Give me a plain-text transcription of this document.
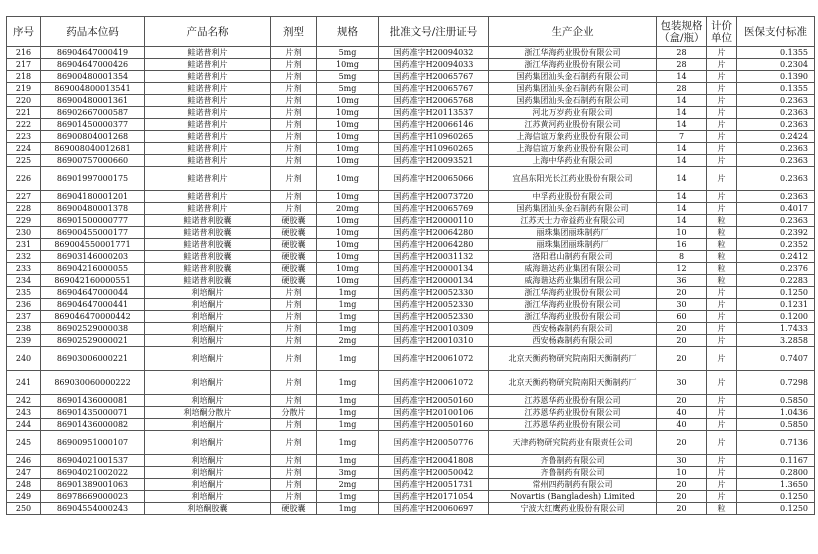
序号	药品本位码	产品名称	剂型	规格	批准文号/注册证号	生产企业	包装规格（盒/瓶）	计价单位	医保支付标准
216	86904647000419	鲑诺普利片	片剂	5mg	国药准字H20094032	浙江华海药业股份有限公司	28	片	0.1355
217	86904647000426	鲑诺普利片	片剂	10mg	国药准字H20094033	浙江华海药业股份有限公司	28	片	0.2304
218	86900480001354	鲑诺普利片	片剂	5mg	国药准字H20065767	国药集团汕头金石制药有限公司	14	片	0.1390
219	869004800013541	鲑诺普利片	片剂	5mg	国药准字H20065767	国药集团汕头金石制药有限公司	28	片	0.1355
220	86900480001361	鲑诺普利片	片剂	10mg	国药准字H20065768	国药集团汕头金石制药有限公司	14	片	0.2363
221	86902667000587	鲑诺普利片	片剂	10mg	国药准字H20113537	河北万岁药业有限公司	14	片	0.2363
222	86901450000377	鲑诺普利片	片剂	10mg	国药准字H20066146	江苏黄河药业股份有限公司	14	片	0.2363
223	86900804001268	鲑诺普利片	片剂	10mg	国药准字H10960265	上海信谊万象药业股份有限公司	7	片	0.2424
224	869008040012681	鲑诺普利片	片剂	10mg	国药准字H10960265	上海信谊万象药业股份有限公司	14	片	0.2363
225	86900757000660	鲑诺普利片	片剂	10mg	国药准字H20093521	上海中华药业有限公司	14	片	0.2363
226	86901997000175	鲑诺普利片	片剂	10mg	国药准字H20065066	宜昌东阳光长江药业股份有限公司	14	片	0.2363
227	86904180001201	鲑诺普利片	片剂	10mg	国药准字H20073720	中孚药业股份有限公司	14	片	0.2363
228	86900480001378	鲑诺普利片	片剂	20mg	国药准字H20065769	国药集团汕头金石制药有限公司	14	片	0.4017
229	86901500000777	鲑诺普利胶囊	硬胶囊	10mg	国药准字H20000110	江苏天士力帝益药业有限公司	14	粒	0.2363
230	86900455000177	鲑诺普利胶囊	硬胶囊	10mg	国药准字H20064280	丽珠集团丽珠制药厂	10	粒	0.2392
231	869004550001771	鲑诺普利胶囊	硬胶囊	10mg	国药准字H20064280	丽珠集团丽珠制药厂	16	粒	0.2352
232	86903146000203	鲑诺普利胶囊	硬胶囊	10mg	国药准字H20031132	洛阳君山制药有限公司	8	粒	0.2412
233	86904216000055	鲑诺普利胶囊	硬胶囊	10mg	国药准字H20000134	威海谐达药业集团有限公司	12	粒	0.2376
234	869042160000551	鲑诺普利胶囊	硬胶囊	10mg	国药准字H20000134	威海谐达药业集团有限公司	36	粒	0.2283
235	86904647000044	利培酮片	片剂	1mg	国药准字H20052330	浙江华海药业股份有限公司	20	片	0.1250
236	86904647000441	利培酮片	片剂	1mg	国药准字H20052330	浙江华海药业股份有限公司	30	片	0.1231
237	869046470000442	利培酮片	片剂	1mg	国药准字H20052330	浙江华海药业股份有限公司	60	片	0.1200
238	86902529000038	利培酮片	片剂	1mg	国药准字H20010309	西安杨森制药有限公司	20	片	1.7433
239	86902529000021	利培酮片	片剂	2mg	国药准字H20010310	西安杨森制药有限公司	20	片	3.2858
240	86903006000221	利培酮片	片剂	1mg	国药准字H20061072	北京天衡药物研究院南阳天衡制药厂	20	片	0.7407
241	869030060000222	利培酮片	片剂	1mg	国药准字H20061072	北京天衡药物研究院南阳天衡制药厂	30	片	0.7298
242	86901436000081	利培酮片	片剂	1mg	国药准字H20050160	江苏恩华药业股份有限公司	20	片	0.5850
243	86901435000071	利培酮分散片	分散片	1mg	国药准字H20100106	江苏恩华药业股份有限公司	40	片	1.0436
244	86901436000082	利培酮片	片剂	1mg	国药准字H20050160	江苏恩华药业股份有限公司	40	片	0.5850
245	86900951000107	利培酮片	片剂	1mg	国药准字H20050776	天津药物研究院药业有限责任公司	20	片	0.7136
246	86904021001537	利培酮片	片剂	1mg	国药准字H20041808	齐鲁制药有限公司	30	片	0.1167
247	86904021002022	利培酮片	片剂	3mg	国药准字H20050042	齐鲁制药有限公司	10	片	0.2800
248	86901389001063	利培酮片	片剂	2mg	国药准字H20051731	常州四药制药有限公司	20	片	1.3650
249	86978669000023	利培酮片	片剂	1mg	国药准字H20171054	Novartis (Bangladesh) Limited	20	片	0.1250
250	86904554000243	利培酮胶囊	硬胶囊	1mg	国药准字H20060697	宁波大红鹰药业股份有限公司	20	粒	0.1250
